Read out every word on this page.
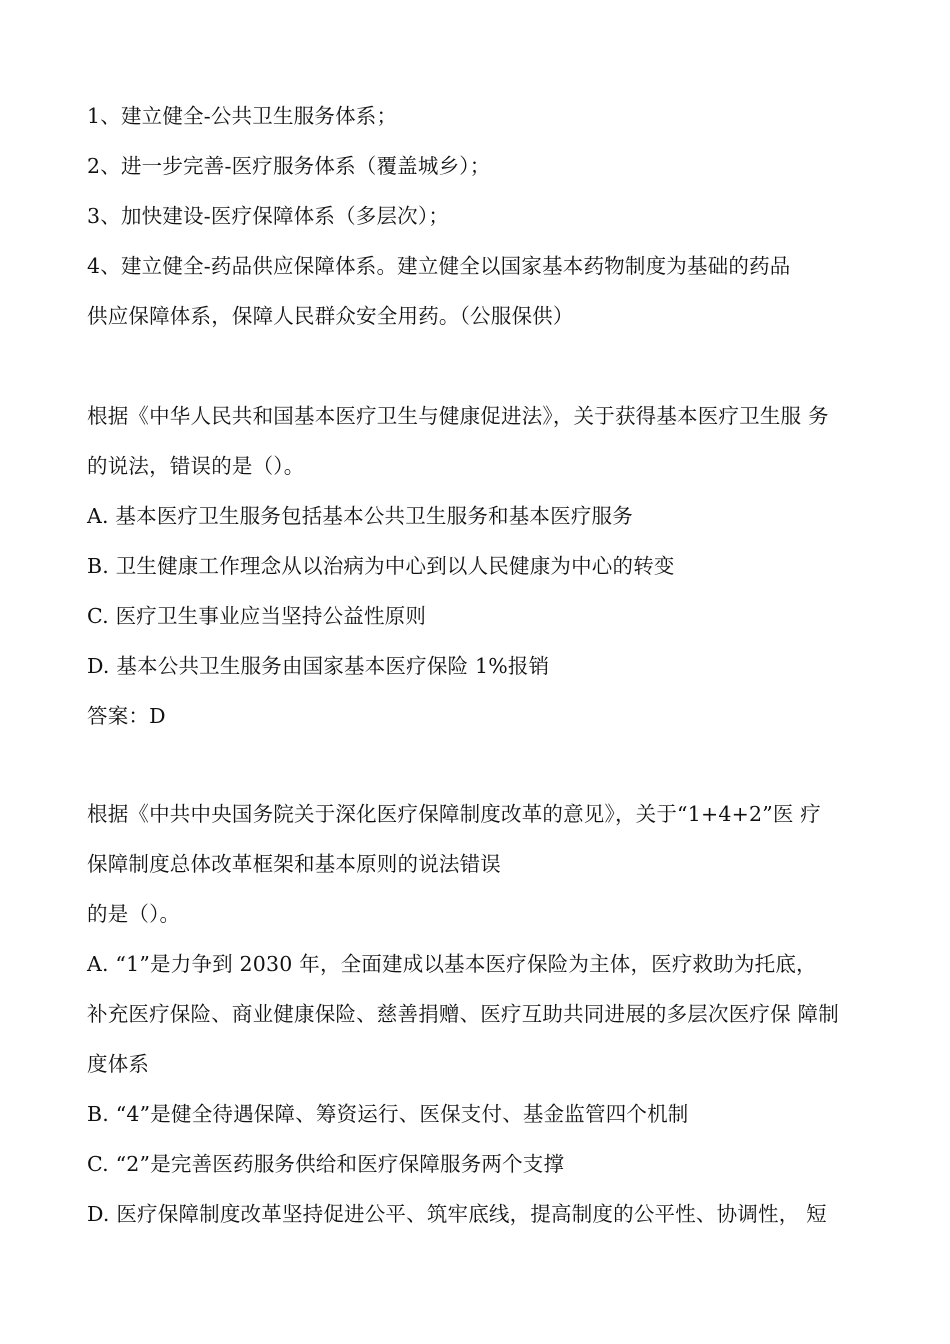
1、建立健全-公共卫生服务体系；
2、进一步完善-医疗服务体系（覆盖城乡）；
3、加快建设-医疗保障体系（多层次）；
4、建立健全-药品供应保障体系。建立健全以国家基本药物制度为基础的药品
供应保障体系，保障人民群众安全用药。（公服保供）
根据《中华人民共和国基本医疗卫生与健康促进法》，关于获得基本医疗卫生服 务
的说法，错误的是（）。
A. 基本医疗卫生服务包括基本公共卫生服务和基本医疗服务
B. 卫生健康工作理念从以治病为中心到以人民健康为中心的转变
C. 医疗卫生事业应当坚持公益性原则
D. 基本公共卫生服务由国家基本医疗保险 1%报销
答案：D
根据《中共中央国务院关于深化医疗保障制度改革的意见》，关于“1+4+2”医 疗
保障制度总体改革框架和基本原则的说法错误
的是（）。
A. “1”是力争到 2030 年，全面建成以基本医疗保险为主体，医疗救助为托底，
补充医疗保险、商业健康保险、慈善捐赠、医疗互助共同进展的多层次医疗保 障制
度体系
B. “4”是健全待遇保障、筹资运行、医保支付、基金监管四个机制
C. “2”是完善医药服务供给和医疗保障服务两个支撑
D. 医疗保障制度改革坚持促进公平、筑牢底线，提高制度的公平性、协调性， 短
